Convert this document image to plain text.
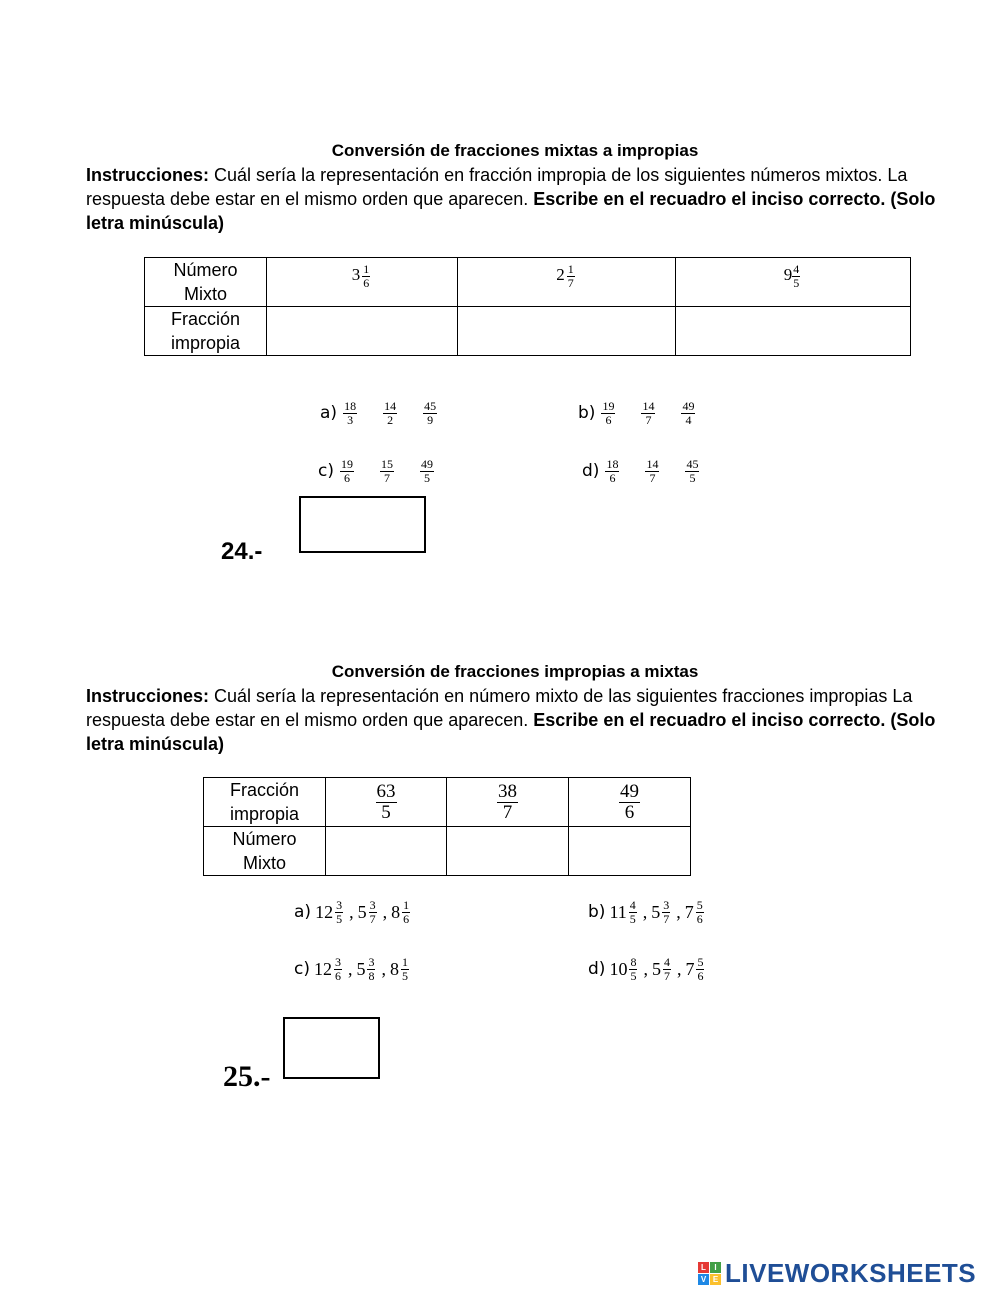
Conversión de fracciones mixtas a impropias
Instrucciones: Cuál sería la representación en fracción impropia de los siguientes números mixtos. La respuesta debe estar en el mismo orden que aparecen. Escribe en el recuadro el inciso correcto. (Solo letra minúscula)
Número
Mixto	$3 \frac{1}{6}$	$2 \frac{1}{7}$	$9 \frac{4}{5}$

Fracción
impropia			
$a) \frac{18}{3} \frac{14}{2} \frac{45}{9}$	$b) \frac{19}{6} \frac{14}{7} \frac{49}{4}$
$c) \frac{19}{6} \frac{15}{7} \frac{49}{5}$	$d) \frac{18}{6} \frac{14}{7} \frac{45}{5}$
24.-
Conversión de fracciones impropias a mixtas
Instrucciones: Cuál sería la representación en número mixto de las siguientes fracciones impropias La respuesta debe estar en el mismo orden que aparecen. Escribe en el recuadro el inciso correcto. (Solo letra minúscula)
Fracción
impropia	$\frac{63}{5}$	$\frac{38}{7}$	$\frac{49}{6}$

Número
Mixto			
a) $12 \frac{3}{5}$ , $5 \frac{3}{7}$ , $8 \frac{1}{6}$	b) $11 \frac{4}{5}$ , $5 \frac{3}{7}$ , $7 \frac{5}{6}$
c) $12 \frac{3}{6}$ , $5 \frac{3}{8}$ , $8 \frac{1}{5}$	d) $10 \frac{8}{5}$ , $5 \frac{4}{7}$ , $7 \frac{5}{6}$
25.-
L	I
V E LIVEWORKSHEETS
